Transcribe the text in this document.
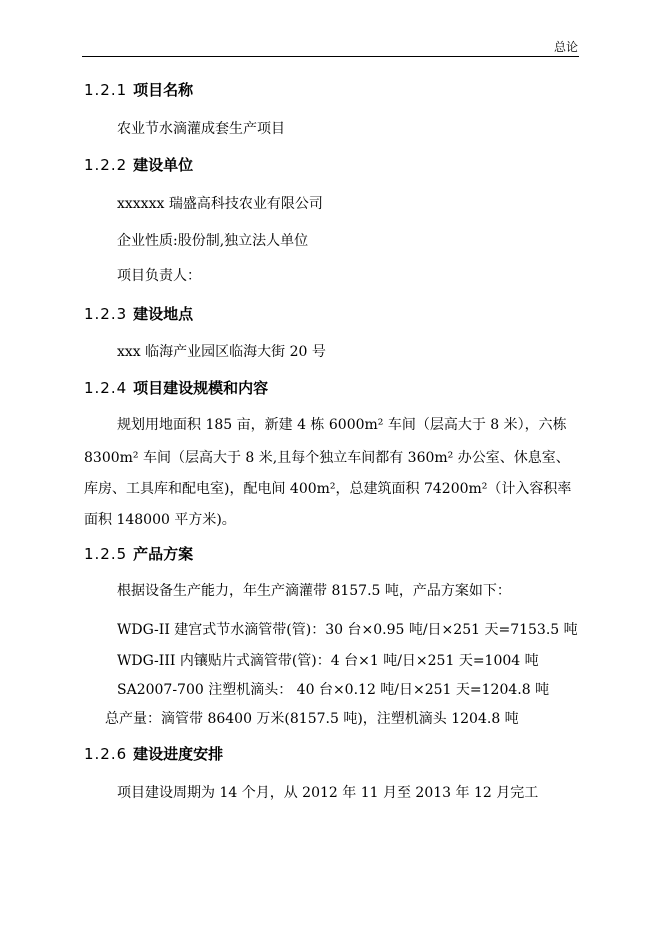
总论
1.2.1 项目名称
农业节水滴灌成套生产项目
1.2.2 建设单位
xxxxxx 瑞盛高科技农业有限公司
企业性质:股份制,独立法人单位
项目负责人：
1.2.3 建设地点
xxx 临海产业园区临海大街 20 号
1.2.4 项目建设规模和内容
规划用地面积 185 亩，新建 4 栋 6000m² 车间（层高大于 8 米），六栋
8300m² 车间（层高大于 8 米,且每个独立车间都有 360m² 办公室、休息室、
库房、工具库和配电室)，配电间 400m²，总建筑面积 74200m²（计入容积率
面积 148000 平方米)。
1.2.5 产品方案
根据设备生产能力，年生产滴灌带 8157.5 吨，产品方案如下：
WDG-II 建宫式节水滴管带(管)：30 台×0.95 吨/日×251 天=7153.5 吨
WDG-III 内镶贴片式滴管带(管)：4 台×1 吨/日×251 天=1004 吨
SA2007-700 注塑机滴头： 40 台×0.12 吨/日×251 天=1204.8 吨
总产量：滴管带 86400 万米(8157.5 吨)，注塑机滴头 1204.8 吨
1.2.6 建设进度安排
项目建设周期为 14 个月，从 2012 年 11 月至 2013 年 12 月完工
